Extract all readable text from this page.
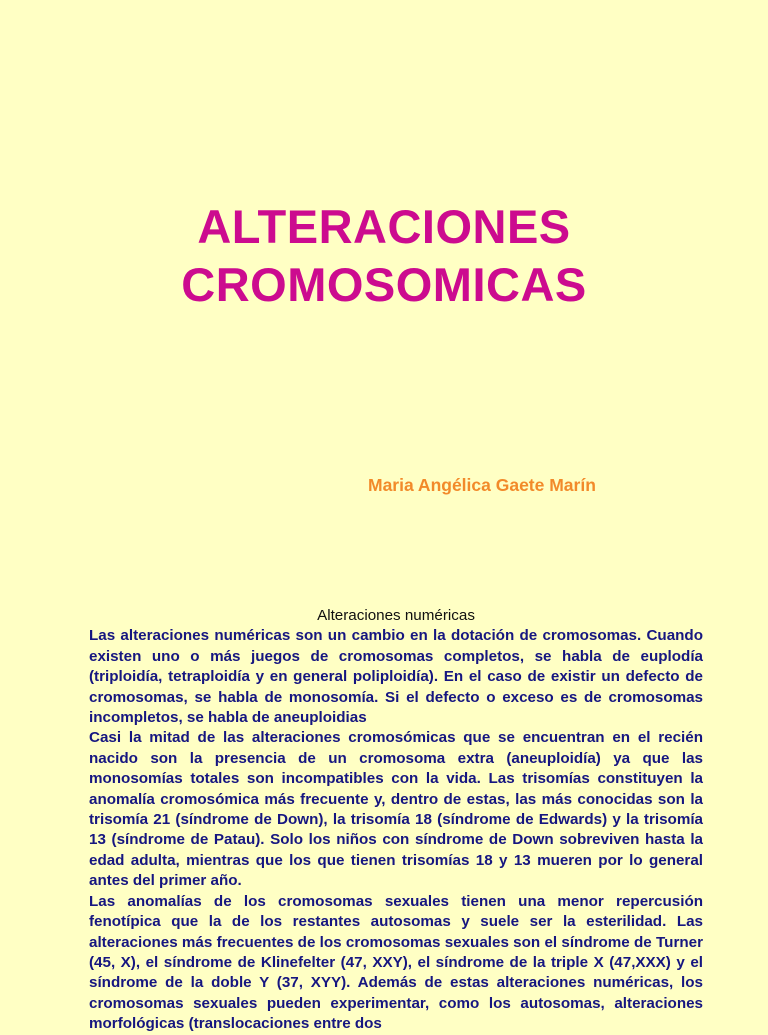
ALTERACIONES
CROMOSOMICAS
Maria Angélica Gaete Marín
Alteraciones numéricas

Las alteraciones numéricas son un cambio en la dotación de cromosomas. Cuando existen uno o más juegos de cromosomas completos, se habla de euplodía (triploidía, tetraploidía y en general poliploidía). En el caso de existir un defecto de cromosomas, se habla de monosomía. Si el defecto o exceso es de cromosomas incompletos, se habla de aneuploidias

Casi la mitad de las alteraciones cromosómicas que se encuentran en el recién nacido son la presencia de un cromosoma extra (aneuploidía) ya que las monosomías totales son incompatibles con la vida. Las trisomías constituyen la anomalía cromosómica más frecuente y, dentro de estas, las más conocidas son la trisomía 21 (síndrome de Down), la trisomía 18 (síndrome de Edwards) y la trisomía 13 (síndrome de Patau). Solo los niños con síndrome de Down sobreviven hasta la edad adulta, mientras que los que tienen trisomías 18 y 13 mueren por lo general antes del primer año.

Las anomalías de los cromosomas sexuales tienen una menor repercusión fenotípica que la de los restantes autosomas y suele ser la esterilidad. Las alteraciones más frecuentes de los cromosomas sexuales son el síndrome de Turner (45, X), el síndrome de Klinefelter (47, XXY), el síndrome de la triple X (47,XXX) y el síndrome de la doble Y (37, XYY). Además de estas alteraciones numéricas, los cromosomas sexuales pueden experimentar, como los autosomas, alteraciones morfológicas (translocaciones entre dos
